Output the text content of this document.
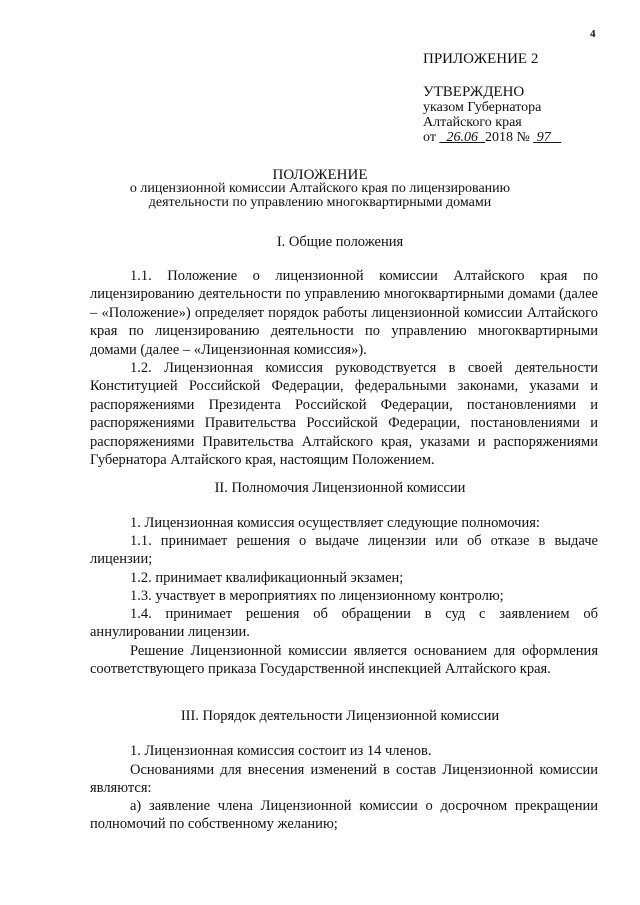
4
ПРИЛОЖЕНИЕ 2
УТВЕРЖДЕНО
указом Губернатора
Алтайского края
от 26.06 2018 № 97
ПОЛОЖЕНИЕ
о лицензионной комиссии Алтайского края по лицензированию
деятельности по управлению многоквартирными домами
I. Общие положения
1.1. Положение о лицензионной комиссии Алтайского края по лицензированию деятельности по управлению многоквартирными домами (далее – «Положение») определяет порядок работы лицензионной комиссии Алтайского края по лицензированию деятельности по управлению многоквартирными домами (далее – «Лицензионная комиссия»).
1.2. Лицензионная комиссия руководствуется в своей деятельности Конституцией Российской Федерации, федеральными законами, указами и распоряжениями Президента Российской Федерации, постановлениями и распоряжениями Правительства Российской Федерации, постановлениями и распоряжениями Правительства Алтайского края, указами и распоряжениями Губернатора Алтайского края, настоящим Положением.
II. Полномочия Лицензионной комиссии
1. Лицензионная комиссия осуществляет следующие полномочия:
1.1. принимает решения о выдаче лицензии или об отказе в выдаче лицензии;
1.2. принимает квалификационный экзамен;
1.3. участвует в мероприятиях по лицензионному контролю;
1.4. принимает решения об обращении в суд с заявлением об аннулировании лицензии.
Решение Лицензионной комиссии является основанием для оформления соответствующего приказа Государственной инспекцией Алтайского края.
III. Порядок деятельности Лицензионной комиссии
1. Лицензионная комиссия состоит из 14 членов.
Основаниями для внесения изменений в состав Лицензионной комиссии являются:
а) заявление члена Лицензионной комиссии о досрочном прекращении полномочий по собственному желанию;
